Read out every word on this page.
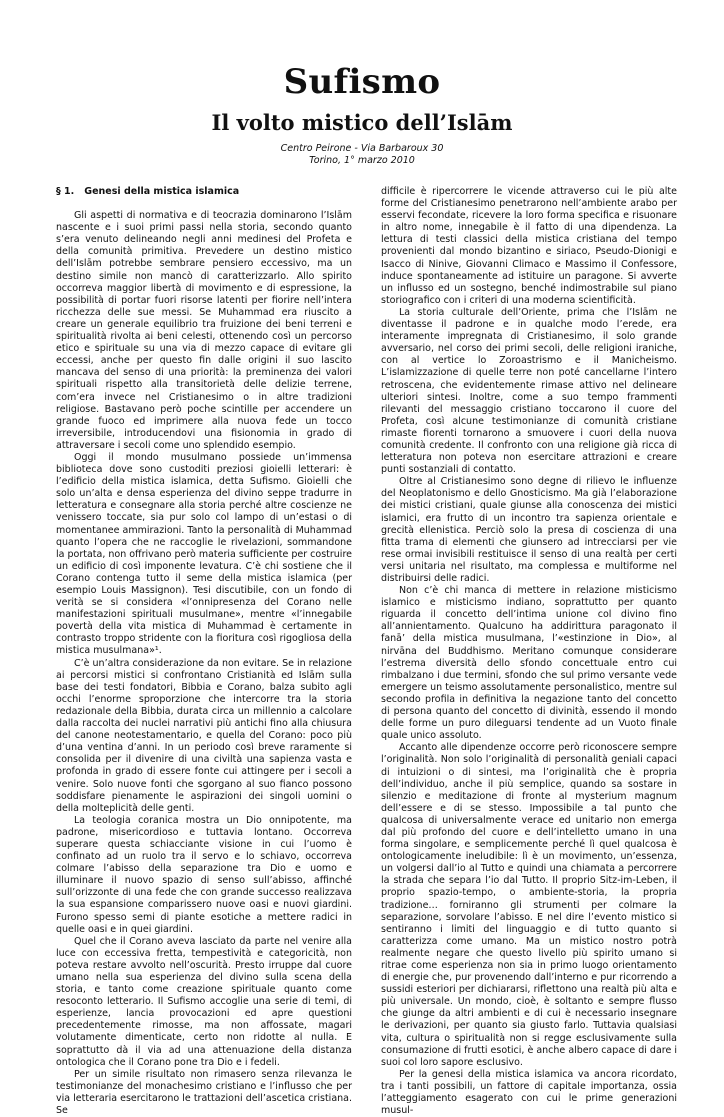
Sufismo
Il volto mistico dell’Islām
Centro Peirone - Via Barbaroux 30
Torino, 1° marzo 2010
§ 1. Genesi della mistica islamica

Gli aspetti di normativa e di teocrazia dominarono l’Islām nascente e i suoi primi passi nella storia, secondo quanto s’era venuto delineando negli anni medinesi del Profeta e della comunità primitiva. Prevedere un destino mistico dell’Islām potrebbe sembrare pensiero eccessivo, ma un destino simile non mancò di caratterizzarlo. Allo spirito occorreva maggior libertà di movimento e di espressione, la possibilità di portar fuori risorse latenti per fiorire nell’intera ricchezza delle sue messi. Se Muhammad era riuscito a creare un generale equilibrio tra fruizione dei beni terreni e spiritualità rivolta ai beni celesti, ottenendo così un percorso etico e spirituale su una via di mezzo capace di evitare gli eccessi, anche per questo fin dalle origini il suo lascito mancava del senso di una priorità: la preminenza dei valori spirituali rispetto alla transitorietà delle delizie terrene, com’era invece nel Cristianesimo o in altre tradizioni religiose. Bastavano però poche scintille per accendere un grande fuoco ed imprimere alla nuova fede un tocco irreversibile, introducendovi una fisionomia in grado di attraversare i secoli come uno splendido esempio.

Oggi il mondo musulmano possiede un’immensa biblioteca dove sono custoditi preziosi gioielli letterari: è l’edificio della mistica islamica, detta Sufismo. Gioielli che solo un’alta e densa esperienza del divino seppe tradurre in letteratura e consegnare alla storia perché altre coscienze ne venissero toccate, sia pur solo col lampo di un’estasi o di momentanee ammirazioni. Tanto la personalità di Muhammad quanto l’opera che ne raccoglie le rivelazioni, sommandone la portata, non offrivano però materia sufficiente per costruire un edificio di così imponente levatura. C’è chi sostiene che il Corano contenga tutto il seme della mistica islamica (per esempio Louis Massignon). Tesi discutibile, con un fondo di verità se si considera «l’onnipresenza del Corano nelle manifestazioni spirituali musulmane», mentre «l’innegabile povertà della vita mistica di Muhammad è certamente in contrasto troppo stridente con la fioritura così rigogliosa della mistica musulmana»¹.

C’è un’altra considerazione da non evitare. Se in relazione ai percorsi mistici si confrontano Cristianità ed Islām sulla base dei testi fondatori, Bibbia e Corano, balza subito agli occhi l’enorme sproporzione che intercorre tra la storia redazionale della Bibbia, durata circa un millennio a calcolare dalla raccolta dei nuclei narrativi più antichi fino alla chiusura del canone neotestamentario, e quella del Corano: poco più d’una ventina d’anni. In un periodo così breve raramente si consolida per il divenire di una civiltà una sapienza vasta e profonda in grado di essere fonte cui attingere per i secoli a venire. Solo nuove fonti che sgorgano al suo fianco possono soddisfare pienamente le aspirazioni dei singoli uomini o della molteplicità delle genti.

La teologia coranica mostra un Dio onnipotente, ma padrone, misericordioso e tuttavia lontano. Occorreva superare questa schiacciante visione in cui l’uomo è confinato ad un ruolo tra il servo e lo schiavo, occorreva colmare l’abisso della separazione tra Dio e uomo e illuminare il nuovo spazio di senso sull’abisso, affinché sull’orizzonte di una fede che con grande successo realizzava la sua espansione comparissero nuove oasi e nuovi giardini. Furono spesso semi di piante esotiche a mettere radici in quelle oasi e in quei giardini.

Quel che il Corano aveva lasciato da parte nel venire alla luce con eccessiva fretta, tempestività e categoricità, non poteva restare avvolto nell’oscurità. Presto irruppe dal cuore umano nella sua esperienza del divino sulla scena della storia, e tanto come creazione spirituale quanto come resoconto letterario. Il Sufismo accoglie una serie di temi, di esperienze, lancia provocazioni ed apre questioni precedentemente rimosse, ma non affossate, magari volutamente dimenticate, certo non ridotte al nulla. E soprattutto dà il via ad una attenuazione della distanza ontologica che il Corano pone tra Dio e i fedeli.

Per un simile risultato non rimasero senza rilevanza le testimonianze del monachesimo cristiano e l’influsso che per via letteraria esercitarono le trattazioni dell’ascetica cristiana. Se

difficile è ripercorrere le vicende attraverso cui le più alte forme del Cristianesimo penetrarono nell’ambiente arabo per esservi fecondate, ricevere la loro forma specifica e risuonare in altro nome, innegabile è il fatto di una dipendenza. La lettura di testi classici della mistica cristiana del tempo provenienti dal mondo bizantino e siriaco, Pseudo-Dionigi e Isacco di Ninive, Giovanni Climaco e Massimo il Confessore, induce spontaneamente ad istituire un paragone. Si avverte un influsso ed un sostegno, benché indimostrabile sul piano storiografico con i criteri di una moderna scientificità.

La storia culturale dell’Oriente, prima che l’Islām ne diventasse il padrone e in qualche modo l’erede, era interamente impregnata di Cristianesimo, il solo grande avversario, nel corso dei primi secoli, delle religioni iraniche, con al vertice lo Zoroastrismo e il Manicheismo. L’islamizzazione di quelle terre non poté cancellarne l’intero retroscena, che evidentemente rimase attivo nel delineare ulteriori sintesi. Inoltre, come a suo tempo frammenti rilevanti del messaggio cristiano toccarono il cuore del Profeta, così alcune testimonianze di comunità cristiane rimaste fiorenti tornarono a smuovere i cuori della nuova comunità credente. Il confronto con una religione già ricca di letteratura non poteva non esercitare attrazioni e creare punti sostanziali di contatto.

Oltre al Cristianesimo sono degne di rilievo le influenze del Neoplatonismo e dello Gnosticismo. Ma già l’elaborazione dei mistici cristiani, quale giunse alla conoscenza dei mistici islamici, era frutto di un incontro tra sapienza orientale e grecità ellenistica. Perciò solo la presa di coscienza di una fitta trama di elementi che giunsero ad intrecciarsi per vie rese ormai invisibili restituisce il senso di una realtà per certi versi unitaria nel risultato, ma complessa e multiforme nel distribuirsi delle radici.

Non c’è chi manca di mettere in relazione misticismo islamico e misticismo indiano, soprattutto per quanto riguarda il concetto dell’intima unione col divino fino all’annientamento. Qualcuno ha addirittura paragonato il fanā’ della mistica musulmana, l’«estinzione in Dio», al nirvāna del Buddhismo. Meritano comunque considerare l’estrema diversità dello sfondo concettuale entro cui rimbalzano i due termini, sfondo che sul primo versante vede emergere un teismo assolutamente personalistico, mentre sul secondo profila in definitiva la negazione tanto del concetto di persona quanto del concetto di divinità, essendo il mondo delle forme un puro dileguarsi tendente ad un Vuoto finale quale unico assoluto.

Accanto alle dipendenze occorre però riconoscere sempre l’originalità. Non solo l’originalità di personalità geniali capaci di intuizioni o di sintesi, ma l’originalità che è propria dell’individuo, anche il più semplice, quando sa sostare in silenzio e meditazione di fronte al mysterium magnum dell’essere e di se stesso. Impossibile a tal punto che qualcosa di universalmente verace ed unitario non emerga dal più profondo del cuore e dell’intelletto umano in una forma singolare, e semplicemente perché lì quel qualcosa è ontologicamente ineludibile: lì è un movimento, un’essenza, un volgersi dall’io al Tutto e quindi una chiamata a percorrere la strada che separa l’io dal Tutto. Il proprio Sitz-im-Leben, il proprio spazio-tempo, o ambiente-storia, la propria tradizione… forniranno gli strumenti per colmare la separazione, sorvolare l’abisso. E nel dire l’evento mistico si sentiranno i limiti del linguaggio e di tutto quanto si caratterizza come umano. Ma un mistico nostro potrà realmente negare che questo livello più spirito umano si ritrae come esperienza non sia in primo luogo orientamento di energie che, pur provenendo dall’interno e pur ricorrendo a sussidi esteriori per dichiararsi, riflettono una realtà più alta e più universale. Un mondo, cioè, è soltanto e sempre flusso che giunge da altri ambienti e di cui è necessario insegnare le derivazioni, per quanto sia giusto farlo. Tuttavia qualsiasi vita, cultura o spiritualità non si regge esclusivamente sulla consumazione di frutti esotici, è anche albero capace di dare i suoi col loro sapore esclusivo.

Per la genesi della mistica islamica va ancora ricordato, tra i tanti possibili, un fattore di capitale importanza, ossia l’atteggiamento esagerato con cui le prime generazioni musul-
